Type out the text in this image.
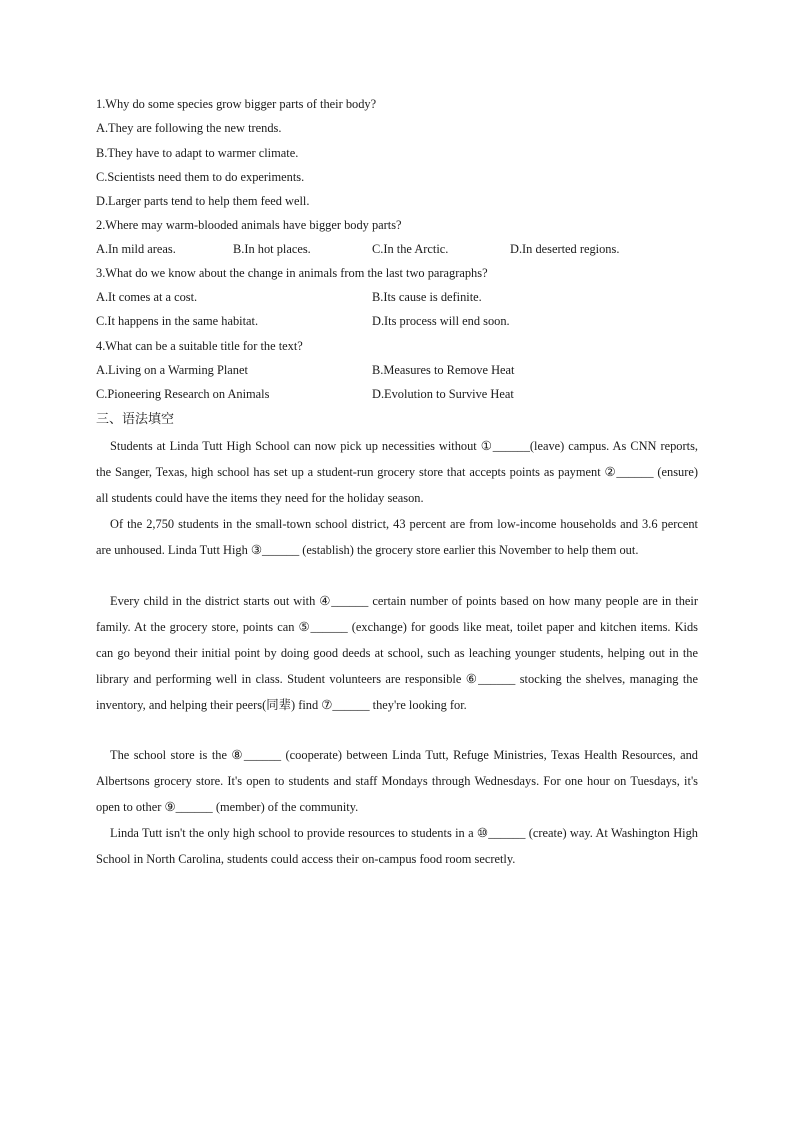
1.Why do some species grow bigger parts of their body?
A.They are following the new trends.
B.They have to adapt to warmer climate.
C.Scientists need them to do experiments.
D.Larger parts tend to help them feed well.
2.Where may warm-blooded animals have bigger body parts?
A.In mild areas.	B.In hot places.	C.In the Arctic.	D.In deserted regions.
3.What do we know about the change in animals from the last two paragraphs?
A.It comes at a cost.	B.Its cause is definite.
C.It happens in the same habitat.	D.Its process will end soon.
4.What can be a suitable title for the text?
A.Living on a Warming Planet	B.Measures to Remove Heat
C.Pioneering Research on Animals	D.Evolution to Survive Heat
三、语法填空
Students at Linda Tutt High School can now pick up necessities without ①______(leave) campus. As CNN reports, the Sanger, Texas, high school has set up a student-run grocery store that accepts points as payment ②______ (ensure) all students could have the items they need for the holiday season.
Of the 2,750 students in the small-town school district, 43 percent are from low-income households and 3.6 percent are unhoused. Linda Tutt High ③______ (establish) the grocery store earlier this November to help them out.
Every child in the district starts out with ④______ certain number of points based on how many people are in their family. At the grocery store, points can ⑤______ (exchange) for goods like meat, toilet paper and kitchen items. Kids can go beyond their initial point by doing good deeds at school, such as leaching younger students, helping out in the library and performing well in class. Student volunteers are responsible ⑥______ stocking the shelves, managing the inventory, and helping their peers(同辈) find ⑦______ they're looking for.
The school store is the ⑧______ (cooperate) between Linda Tutt, Refuge Ministries, Texas Health Resources, and Albertsons grocery store. It's open to students and staff Mondays through Wednesdays. For one hour on Tuesdays, it's open to other ⑨______ (member) of the community.
Linda Tutt isn't the only high school to provide resources to students in a ⑩______ (create) way. At Washington High School in North Carolina, students could access their on-campus food room secretly.
